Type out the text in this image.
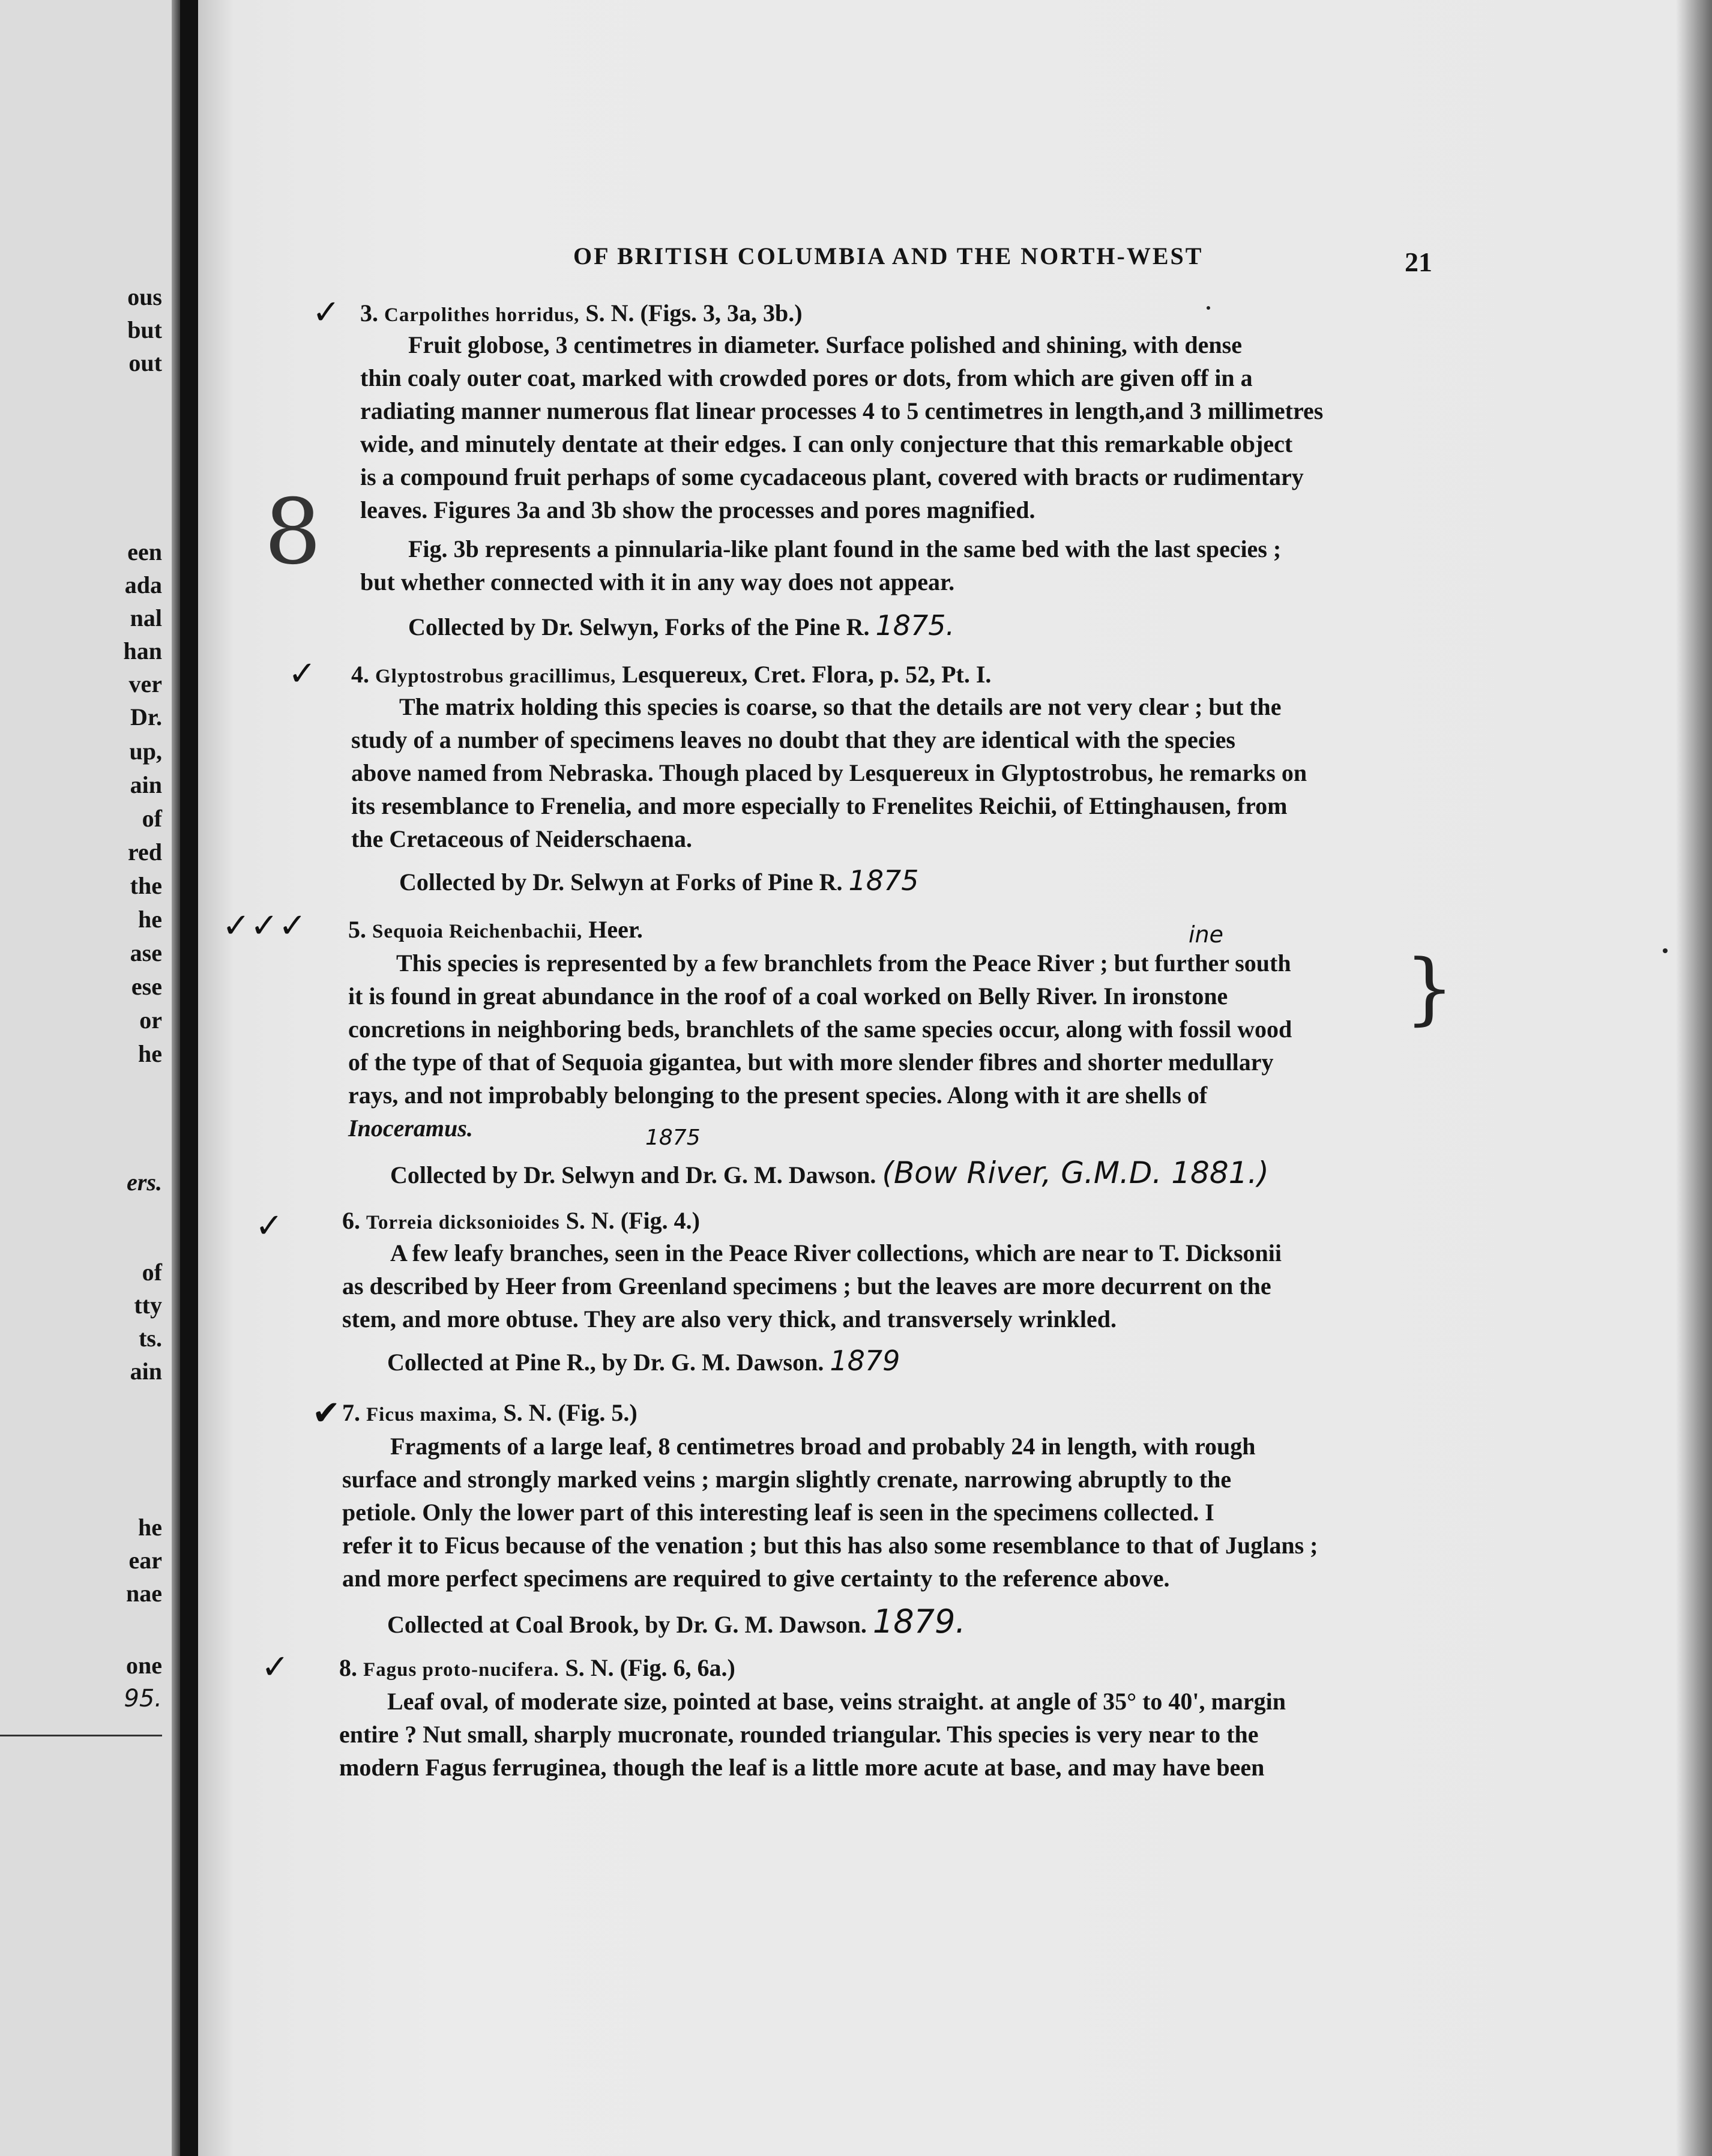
ous
but
out
een
ada
nal
han
ver
Dr.
up,
ain
of
red
the
he
ase
ese
or
he
ers.
of
tty
ts.
ain
he
ear
nae
one
95.
OF BRITISH COLUMBIA AND THE NORTH-WEST	21
✓ 3. Carpolithes horridus, S. N. (Figs. 3, 3a, 3b.)
Fruit globose, 3 centimetres in diameter. Surface polished and shining, with dense
thin coaly outer coat, marked with crowded pores or dots, from which are given off in a
radiating manner numerous flat linear processes 4 to 5 centimetres in length,and 3 millimetres
wide, and minutely dentate at their edges. I can only conjecture that this remarkable object
is a compound fruit perhaps of some cycadaceous plant, covered with bracts or rudimentary
leaves. Figures 3a and 3b show the processes and pores magnified.
8	Fig. 3b represents a pinnularia-like plant found in the same bed with the last species ;
but whether connected with it in any way does not appear.
Collected by Dr. Selwyn, Forks of the Pine R. 1875.
✓ 4. Glyptostrobus gracillimus, Lesquereux, Cret. Flora, p. 52, Pt. I.
The matrix holding this species is coarse, so that the details are not very clear ; but the
study of a number of specimens leaves no doubt that they are identical with the species
above named from Nebraska. Though placed by Lesquereux in Glyptostrobus, he remarks on
its resemblance to Frenelia, and more especially to Frenelites Reichii, of Ettinghausen, from
the Cretaceous of Neiderschaena.
Collected by Dr. Selwyn at Forks of Pine R. 1875
✓✓✓ 5. Sequoia Reichenbachii, Heer.	ine
This species is represented by a few branchlets from the Peace River ; but further south
it is found in great abundance in the roof of a coal worked on Belly River. In ironstone }
concretions in neighboring beds, branchlets of the same species occur, along with fossil wood
of the type of that of Sequoia gigantea, but with more slender fibres and shorter medullary
rays, and not improbably belonging to the present species. Along with it are shells of
Inoceramus.	1875
Collected by Dr. Selwyn and Dr. G. M. Dawson. (Bow River, G.M.D. 1881.)
✓ 6. Torreia dicksonioides S. N. (Fig. 4.)
A few leafy branches, seen in the Peace River collections, which are near to T. Dicksonii
as described by Heer from Greenland specimens ; but the leaves are more decurrent on the
stem, and more obtuse. They are also very thick, and transversely wrinkled.
Collected at Pine R., by Dr. G. M. Dawson. 1879
✔ 7. Ficus maxima, S. N. (Fig. 5.)
Fragments of a large leaf, 8 centimetres broad and probably 24 in length, with rough
surface and strongly marked veins ; margin slightly crenate, narrowing abruptly to the
petiole. Only the lower part of this interesting leaf is seen in the specimens collected. I
refer it to Ficus because of the venation ; but this has also some resemblance to that of Juglans ;
and more perfect specimens are required to give certainty to the reference above.
Collected at Coal Brook, by Dr. G. M. Dawson. 1879.
✓ 8. Fagus proto-nucifera. S. N. (Fig. 6, 6a.)
Leaf oval, of moderate size, pointed at base, veins straight. at angle of 35° to 40', margin
entire ? Nut small, sharply mucronate, rounded triangular. This species is very near to the
modern Fagus ferruginea, though the leaf is a little more acute at base, and may have been
